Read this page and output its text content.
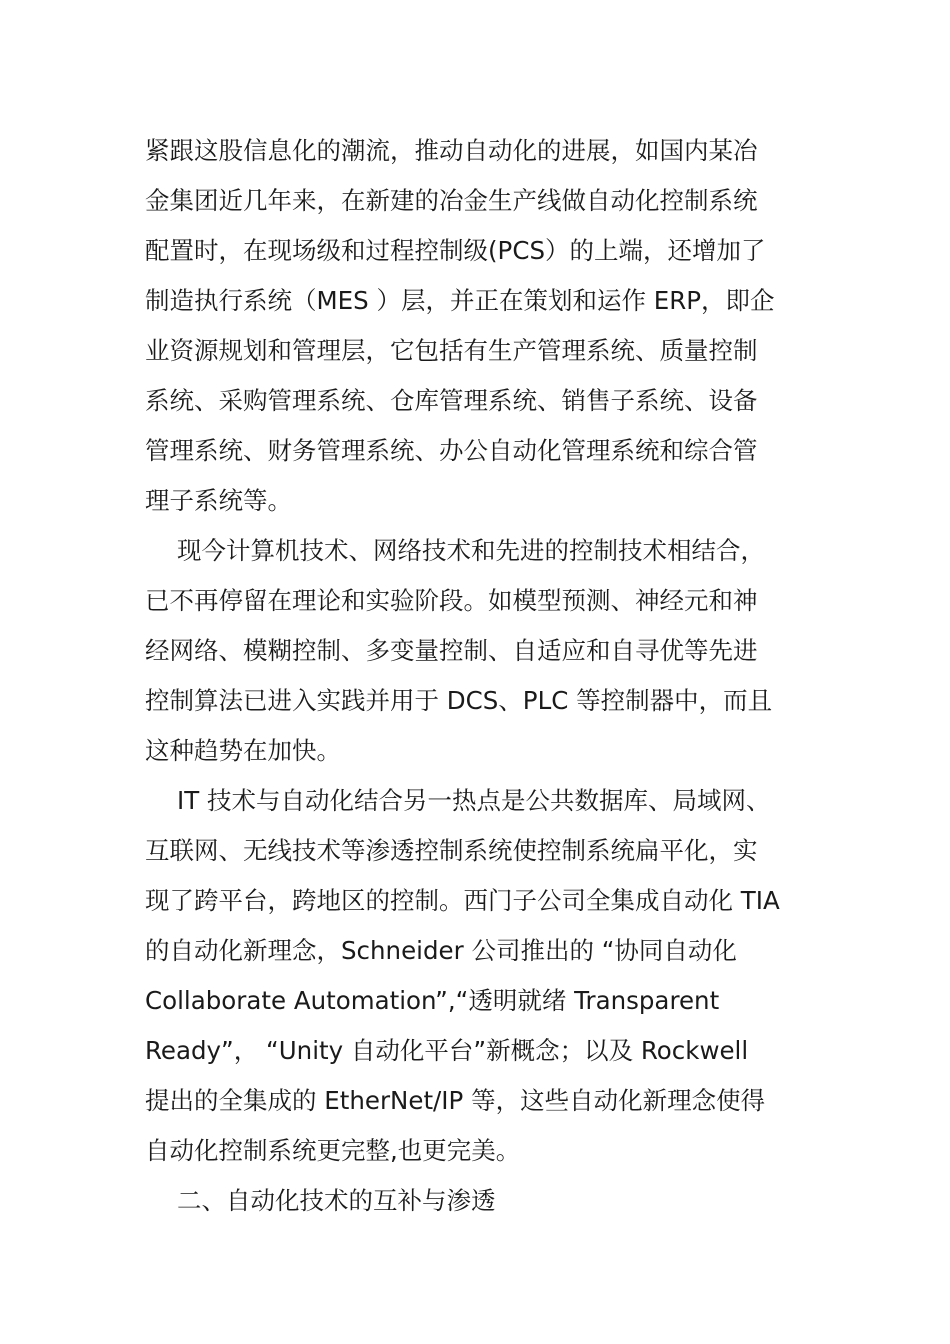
紧跟这股信息化的潮流，推动自动化的进展，如国内某冶
金集团近几年来，在新建的冶金生产线做自动化控制系统
配置时，在现场级和过程控制级(PCS）的上端，还增加了
制造执行系统（MES ）层，并正在策划和运作 ERP，即企
业资源规划和管理层，它包括有生产管理系统、质量控制
系统、采购管理系统、仓库管理系统、销售子系统、设备
管理系统、财务管理系统、办公自动化管理系统和综合管
理子系统等。
现今计算机技术、网络技术和先进的控制技术相结合，
已不再停留在理论和实验阶段。如模型预测、神经元和神
经网络、模糊控制、多变量控制、自适应和自寻优等先进
控制算法已进入实践并用于 DCS、PLC 等控制器中，而且
这种趋势在加快。
IT 技术与自动化结合另一热点是公共数据库、局域网、
互联网、无线技术等渗透控制系统使控制系统扁平化，实
现了跨平台，跨地区的控制。西门子公司全集成自动化 TIA
的自动化新理念，Schneider 公司推出的 “协同自动化
Collaborate Automation”,“透明就绪 Transparent
Ready”， “Unity 自动化平台”新概念；以及 Rockwell
提出的全集成的 EtherNet/IP 等，这些自动化新理念使得
自动化控制系统更完整,也更完美。
二、自动化技术的互补与渗透
